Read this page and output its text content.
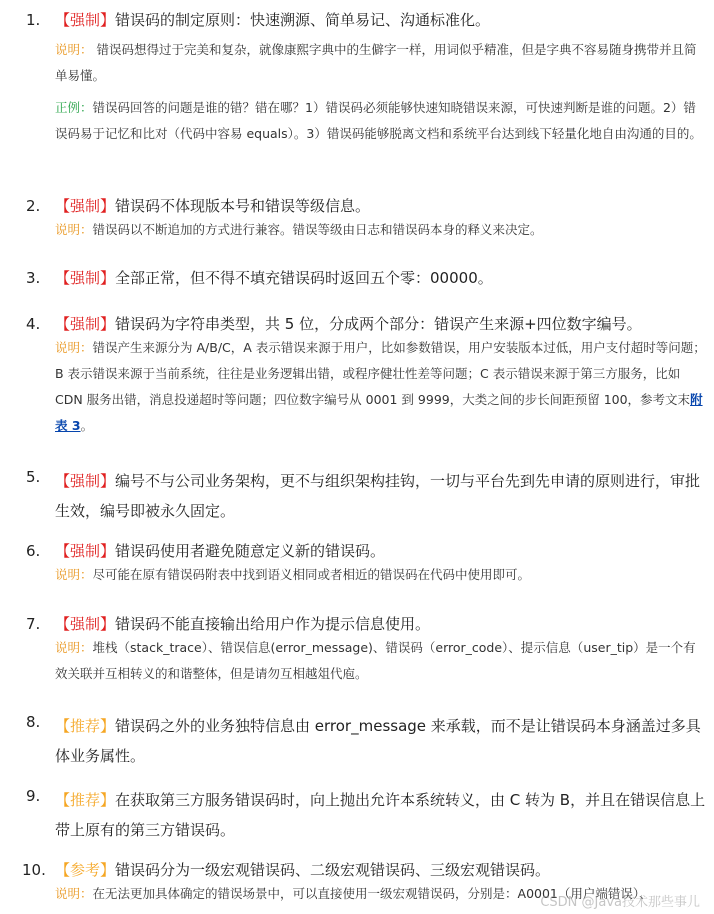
1. 【强制】错误码的制定原则：快速溯源、简单易记、沟通标准化。
说明： 错误码想得过于完美和复杂，就像康熙字典中的生僻字一样，用词似乎精准，但是字典不容易随身携带并且简单易懂。
正例：错误码回答的问题是谁的错？错在哪？1）错误码必须能够快速知晓错误来源，可快速判断是谁的问题。2）错误码易于记忆和比对（代码中容易 equals）。3）错误码能够脱离文档和系统平台达到线下轻量化地自由沟通的目的。
2. 【强制】错误码不体现版本号和错误等级信息。
说明：错误码以不断追加的方式进行兼容。错误等级由日志和错误码本身的释义来决定。
3. 【强制】全部正常，但不得不填充错误码时返回五个零：00000。
4. 【强制】错误码为字符串类型，共 5 位，分成两个部分：错误产生来源+四位数字编号。
说明：错误产生来源分为 A/B/C，A 表示错误来源于用户，比如参数错误，用户安装版本过低，用户支付超时等问题；B 表示错误来源于当前系统，往往是业务逻辑出错，或程序健壮性差等问题；C 表示错误来源于第三方服务，比如 CDN 服务出错，消息投递超时等问题；四位数字编号从 0001 到 9999，大类之间的步长间距预留 100，参考文末附表 3。
5. 【强制】编号不与公司业务架构，更不与组织架构挂钩，一切与平台先到先申请的原则进行，审批生效，编号即被永久固定。
6. 【强制】错误码使用者避免随意定义新的错误码。
说明：尽可能在原有错误码附表中找到语义相同或者相近的错误码在代码中使用即可。
7. 【强制】错误码不能直接输出给用户作为提示信息使用。
说明：堆栈（stack_trace）、错误信息(error_message)、错误码（error_code）、提示信息（user_tip）是一个有效关联并互相转义的和谐整体，但是请勿互相越俎代庖。
8. 【推荐】错误码之外的业务独特信息由 error_message 来承载，而不是让错误码本身涵盖过多具体业务属性。
9. 【推荐】在获取第三方服务错误码时，向上抛出允许本系统转义，由 C 转为 B，并且在错误信息上带上原有的第三方错误码。
10. 【参考】错误码分为一级宏观错误码、二级宏观错误码、三级宏观错误码。
说明：在无法更加具体确定的错误场景中，可以直接使用一级宏观错误码，分别是：A0001（用户端错误）、
CSDN @Java技术那些事儿
